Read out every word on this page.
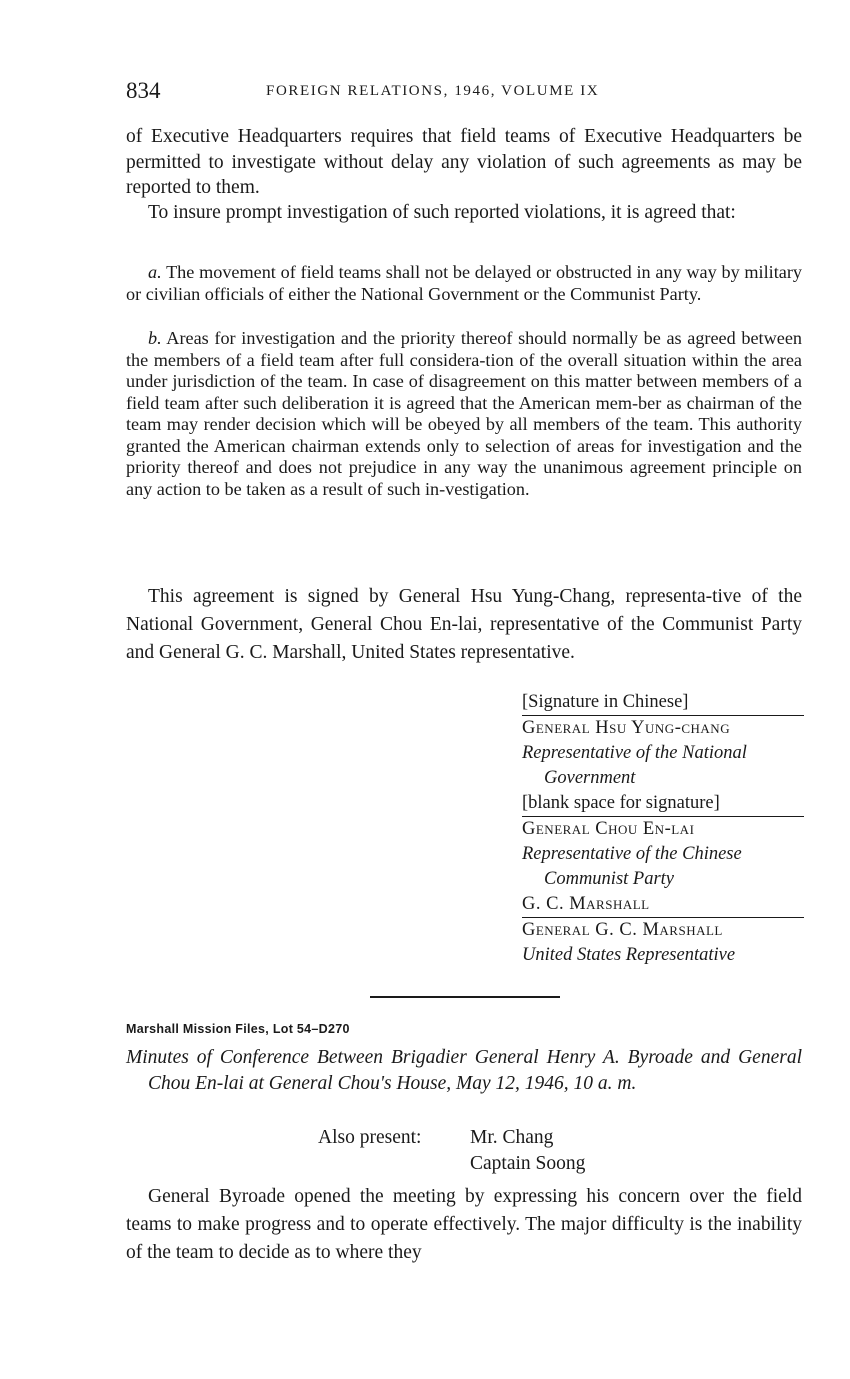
834	FOREIGN RELATIONS, 1946, VOLUME IX

of Executive Headquarters requires that field teams of Executive Headquarters be permitted to investigate without delay any violation of such agreements as may be reported to them.

To insure prompt investigation of such reported violations, it is agreed that:

a. The movement of field teams shall not be delayed or obstructed in any way by military or civilian officials of either the National Government or the Communist Party.

b. Areas for investigation and the priority thereof should normally be as agreed between the members of a field team after full considera-tion of the overall situation within the area under jurisdiction of the team. In case of disagreement on this matter between members of a field team after such deliberation it is agreed that the American mem-ber as chairman of the team may render decision which will be obeyed by all members of the team. This authority granted the American chairman extends only to selection of areas for investigation and the priority thereof and does not prejudice in any way the unanimous agreement principle on any action to be taken as a result of such in-vestigation.

This agreement is signed by General Hsu Yung-Chang, representa-tive of the National Government, General Chou En-lai, representative of the Communist Party and General G. C. Marshall, United States representative.

[Signature in Chinese]
General Hsu Yung-chang
Representative of the National Government
[blank space for signature]
General Chou En-lai
Representative of the Chinese Communist Party
G. C. Marshall
General G. C. Marshall
United States Representative
Marshall Mission Files, Lot 54–D270

Minutes of Conference Between Brigadier General Henry A. Byroade and General Chou En-lai at General Chou's House, May 12, 1946, 10 a. m.

Also present: Mr. Chang
Captain Soong

General Byroade opened the meeting by expressing his concern over the field teams to make progress and to operate effectively. The major difficulty is the inability of the team to decide as to where they
